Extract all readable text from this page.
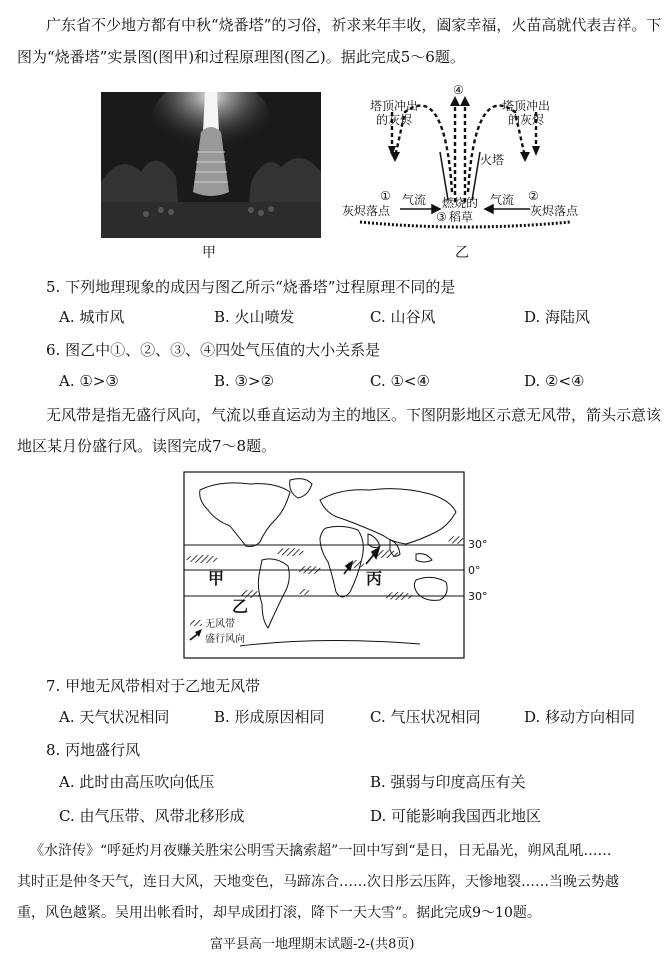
广东省不少地方都有中秋“烧番塔”的习俗，祈求来年丰收，阖家幸福，火苗高就代表吉祥。下
图为“烧番塔”实景图(图甲)和过程原理图(图乙)。据此完成5～6题。
甲
④
塔顶冲出
的灰烬
塔顶冲出
的灰烬
火塔
① 气流	②
气流
燃烧的
③ 稻草
灰烬落点	灰烬落点
乙
5. 下列地理现象的成因与图乙所示“烧番塔”过程原理不同的是
A. 城市风	B. 火山喷发	C. 山谷风	D. 海陆风
6. 图乙中①、②、③、④四处气压值的大小关系是
A. ①>③	B. ③>②	C. ①<④	D. ②<④
无风带是指无盛行风向，气流以垂直运动为主的地区。下图阴影地区示意无风带，箭头示意该
地区某月份盛行风。读图完成7～8题。
无风带
盛行风向
30°
0°
30°
甲
乙
丙
7. 甲地无风带相对于乙地无风带
A. 天气状况相同	B. 形成原因相同	C. 气压状况相同	D. 移动方向相同
8. 丙地盛行风
A. 此时由高压吹向低压	B. 强弱与印度高压有关
C. 由气压带、风带北移形成	D. 可能影响我国西北地区
《水浒传》“呼延灼月夜赚关胜宋公明雪天擒索超”一回中写到“是日，日无晶光，朔风乱吼……
其时正是仲冬天气，连日大风，天地变色，马蹄冻合……次日彤云压阵，天惨地裂……当晚云势越
重，风色越紧。吴用出帐看时，却早成团打滚，降下一天大雪”。据此完成9～10题。
富平县高一地理期末试题-2-(共8页)
